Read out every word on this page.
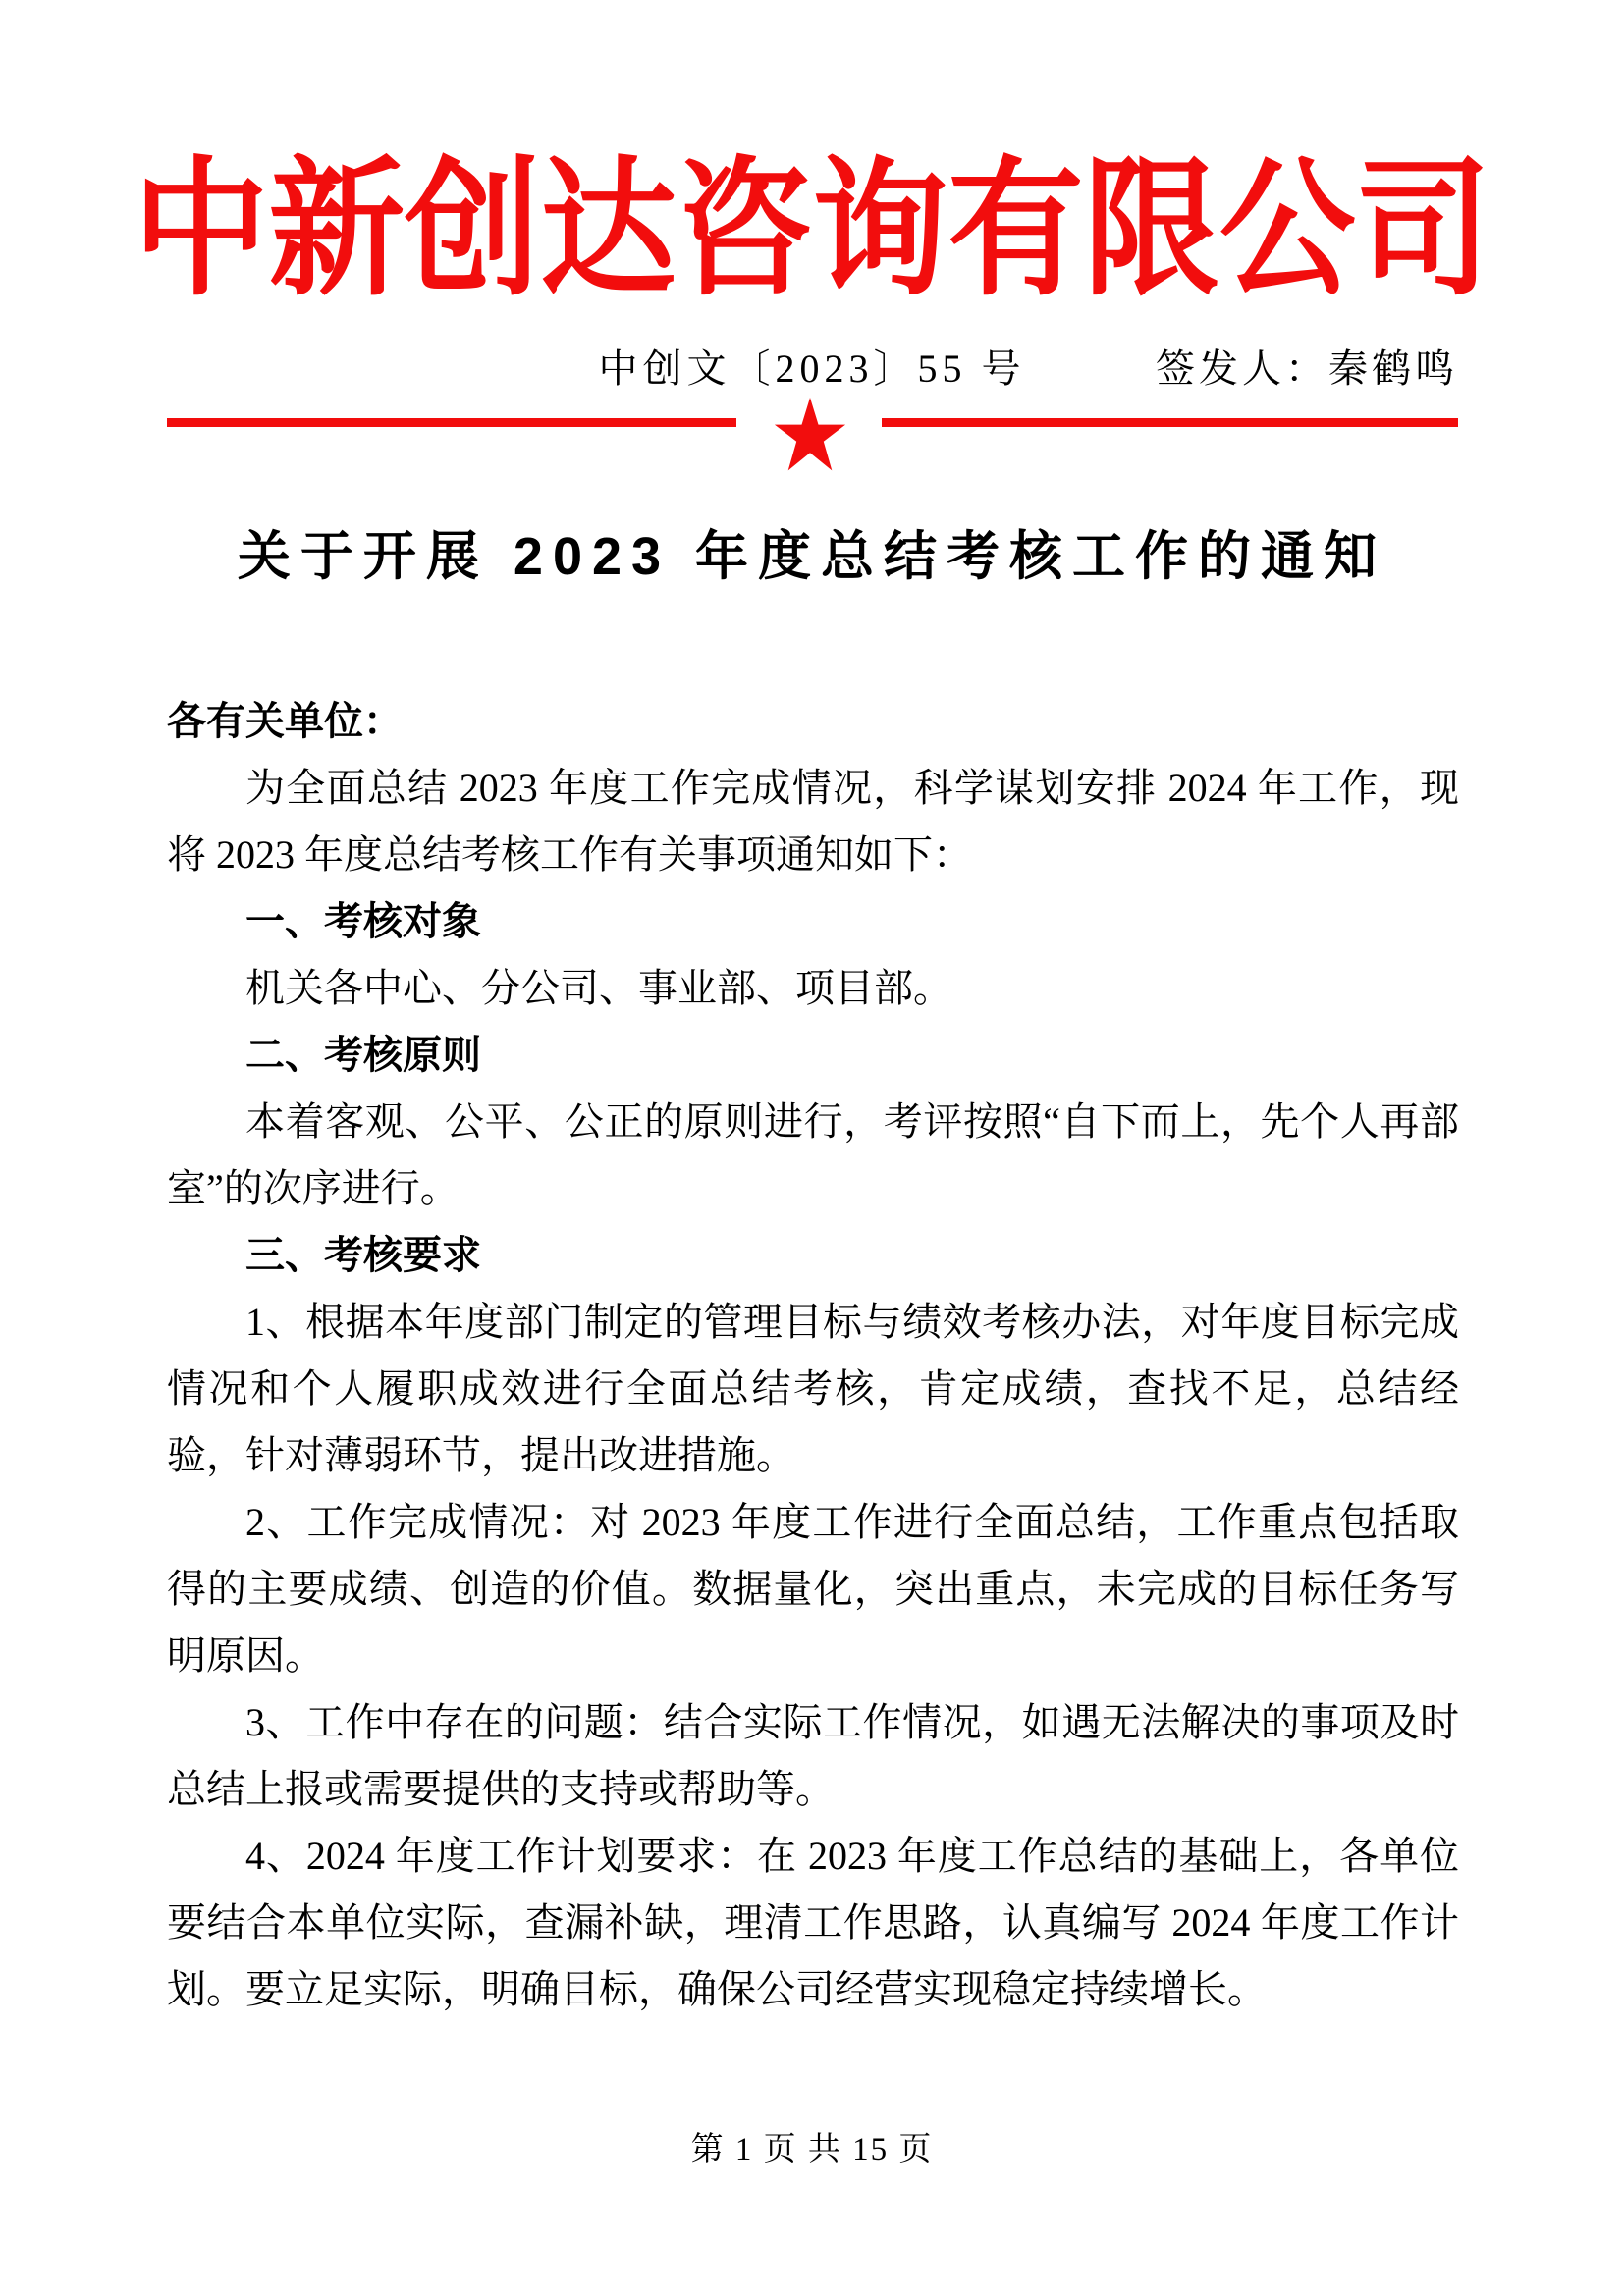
中新创达咨询有限公司
中创文〔2023〕55 号	签发人：秦鹤鸣
关于开展 2023 年度总结考核工作的通知

各有关单位：

为全面总结 2023 年度工作完成情况，科学谋划安排 2024 年工作，现将 2023 年度总结考核工作有关事项通知如下：

一、考核对象

机关各中心、分公司、事业部、项目部。

二、考核原则

本着客观、公平、公正的原则进行，考评按照“自下而上，先个人再部室”的次序进行。

三、考核要求

1、根据本年度部门制定的管理目标与绩效考核办法，对年度目标完成情况和个人履职成效进行全面总结考核，肯定成绩，查找不足，总结经验，针对薄弱环节，提出改进措施。

2、工作完成情况：对 2023 年度工作进行全面总结，工作重点包括取得的主要成绩、创造的价值。数据量化，突出重点，未完成的目标任务写明原因。

3、工作中存在的问题：结合实际工作情况，如遇无法解决的事项及时总结上报或需要提供的支持或帮助等。

4、2024 年度工作计划要求：在 2023 年度工作总结的基础上，各单位要结合本单位实际，查漏补缺，理清工作思路，认真编写 2024 年度工作计划。要立足实际，明确目标，确保公司经营实现稳定持续增长。

第 1 页 共 15 页
